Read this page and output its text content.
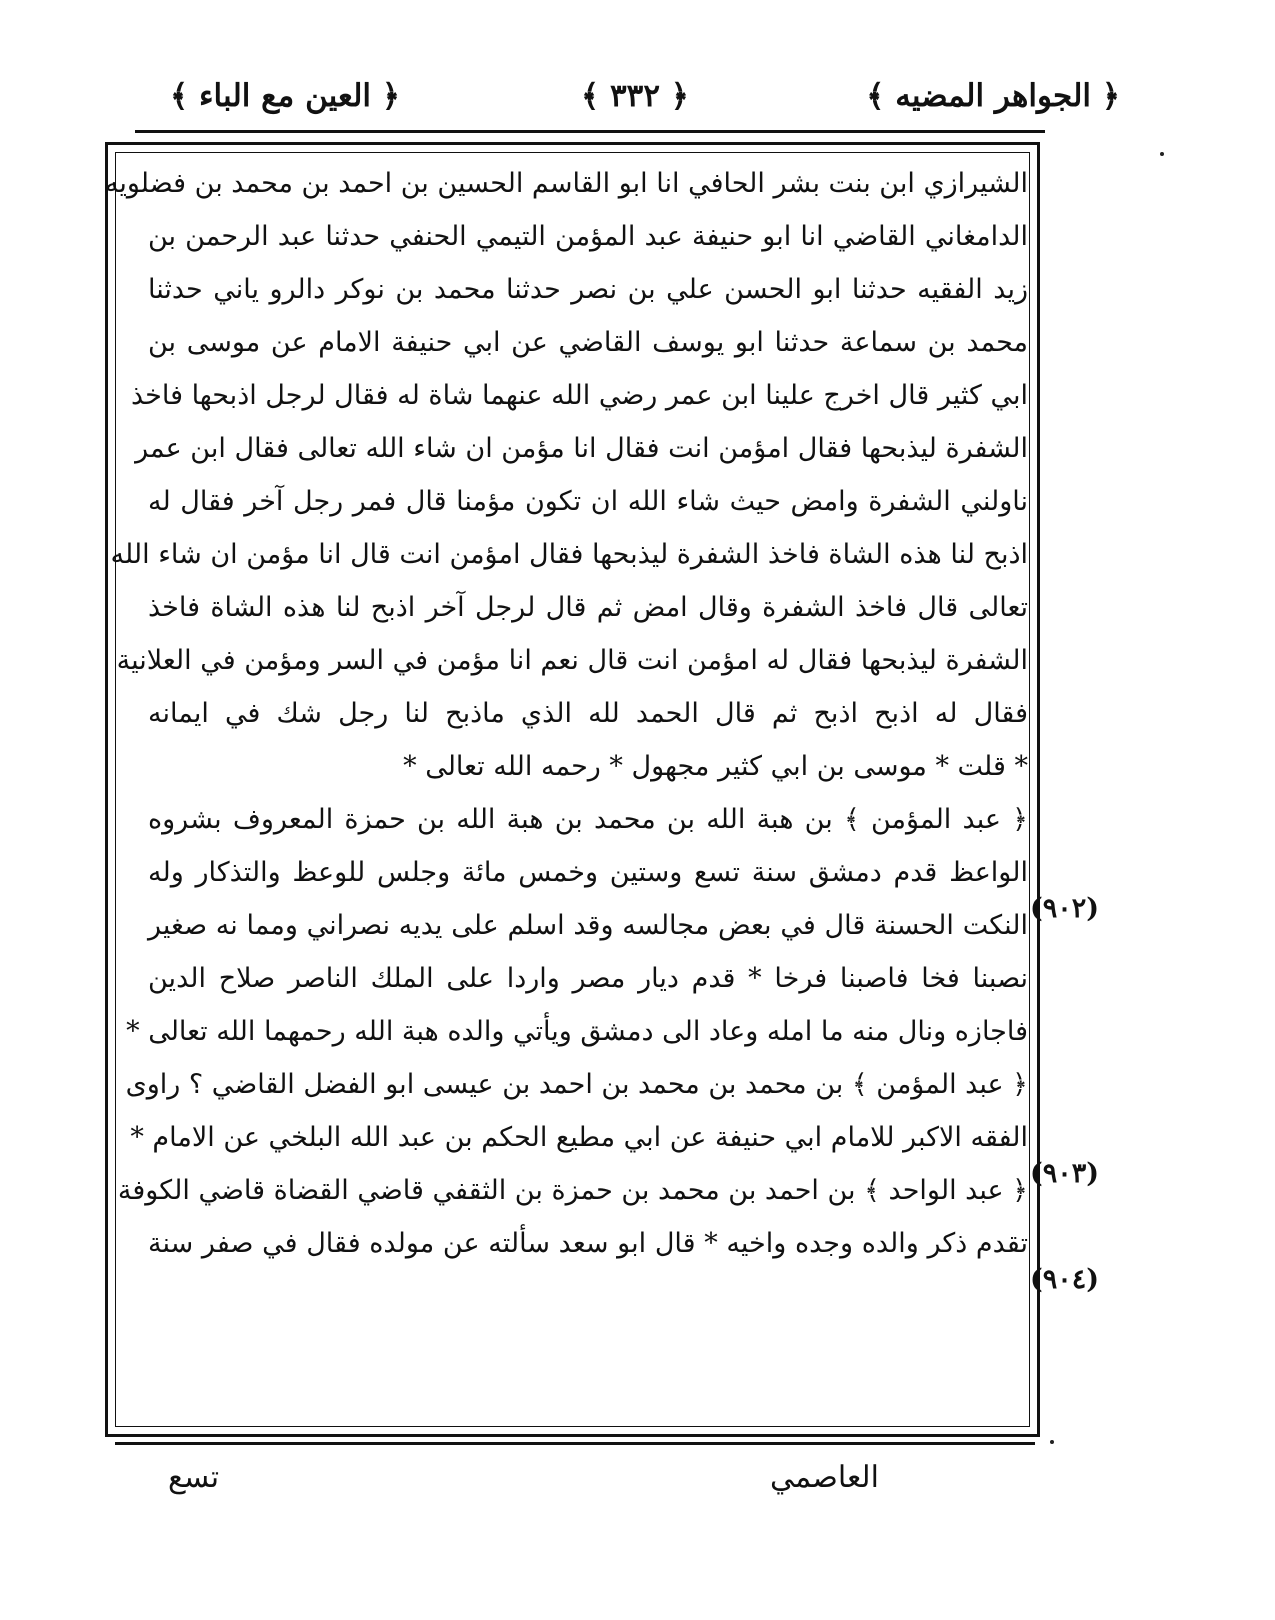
﴿ الجواهر المضيه ﴾
﴿ ٣٣٢ ﴾
﴿ العين مع الباء ﴾
الشيرازي ابن بنت بشر الحافي انا ابو القاسم الحسين بن احمد بن محمد بن فضلويه
الدامغاني القاضي انا ابو حنيفة عبد المؤمن التيمي الحنفي حدثنا عبد الرحمن بن
زيد الفقيه حدثنا ابو الحسن علي بن نصر حدثنا محمد بن نوكر دالرو ياني حدثنا
محمد بن سماعة حدثنا ابو يوسف القاضي عن ابي حنيفة الامام عن موسى بن
ابي كثير قال اخرج علينا ابن عمر رضي الله عنهما شاة له فقال لرجل اذبحها فاخذ
الشفرة ليذبحها فقال امؤمن انت فقال انا مؤمن ان شاء الله تعالى فقال ابن عمر
ناولني الشفرة وامض حيث شاء الله ان تكون مؤمنا قال فمر رجل آخر فقال له
اذبح لنا هذه الشاة فاخذ الشفرة ليذبحها فقال امؤمن انت قال انا مؤمن ان شاء الله
تعالى قال فاخذ الشفرة وقال امض ثم قال لرجل آخر اذبح لنا هذه الشاة فاخذ
الشفرة ليذبحها فقال له امؤمن انت قال نعم انا مؤمن في السر ومؤمن في العلانية
فقال له اذبح اذبح ثم قال الحمد لله الذي ماذبح لنا رجل شك في ايمانه
* قلت * موسى بن ابي كثير مجهول * رحمه الله تعالى *
﴿ عبد المؤمن ﴾ بن هبة الله بن محمد بن هبة الله بن حمزة المعروف بشروه
الواعظ قدم دمشق سنة تسع وستين وخمس مائة وجلس للوعظ والتذكار وله
النكت الحسنة قال في بعض مجالسه وقد اسلم على يديه نصراني ومما نه صغير
نصبنا فخا فاصبنا فرخا * قدم ديار مصر واردا على الملك الناصر صلاح الدين
فاجازه ونال منه ما امله وعاد الى دمشق ويأتي والده هبة الله رحمهما الله تعالى *
﴿ عبد المؤمن ﴾ بن محمد بن محمد بن احمد بن عيسى ابو الفضل القاضي ؟ راوى
الفقه الاكبر للامام ابي حنيفة عن ابي مطيع الحكم بن عبد الله البلخي عن الامام *
﴿ عبد الواحد ﴾ بن احمد بن محمد بن حمزة بن الثقفي قاضي القضاة قاضي الكوفة
تقدم ذكر والده وجده واخيه * قال ابو سعد سألته عن مولده فقال في صفر سنة
(٩٠٢)
(٩٠٣)
(٩٠٤)
تسع	العاصمي
